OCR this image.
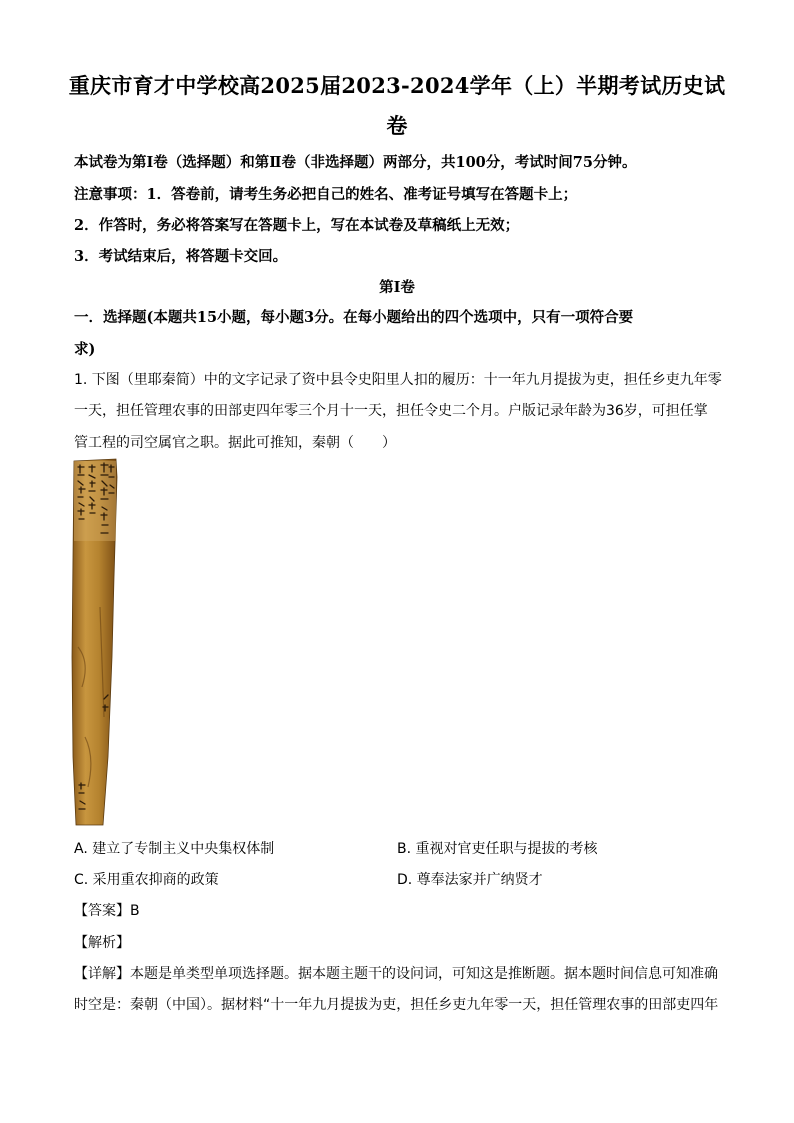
重庆市育才中学校高2025届2023-2024学年（上）半期考试历史试
卷
本试卷为第Ⅰ卷（选择题）和第Ⅱ卷（非选择题）两部分，共100分，考试时间75分钟。
注意事项：1．答卷前，请考生务必把自己的姓名、准考证号填写在答题卡上；
2．作答时，务必将答案写在答题卡上，写在本试卷及草稿纸上无效；
3．考试结束后，将答题卡交回。
第Ⅰ卷
一．选择题(本题共15小题，每小题3分。在每小题给出的四个选项中，只有一项符合要
求)
1. 下图（里耶秦简）中的文字记录了资中县令史阳里人扣的履历：十一年九月提拔为吏，担任乡吏九年零
一天，担任管理农事的田部吏四年零三个月十一天，担任令史二个月。户版记录年龄为36岁，可担任掌
管工程的司空属官之职。据此可推知，秦朝（　　）
A. 建立了专制主义中央集权体制	B. 重视对官吏任职与提拔的考核
C. 采用重农抑商的政策	D. 尊奉法家并广纳贤才
【答案】B
【解析】
【详解】本题是单类型单项选择题。据本题主题干的设问词，可知这是推断题。据本题时间信息可知准确
时空是：秦朝（中国）。据材料“十一年九月提拔为吏，担任乡吏九年零一天，担任管理农事的田部吏四年
